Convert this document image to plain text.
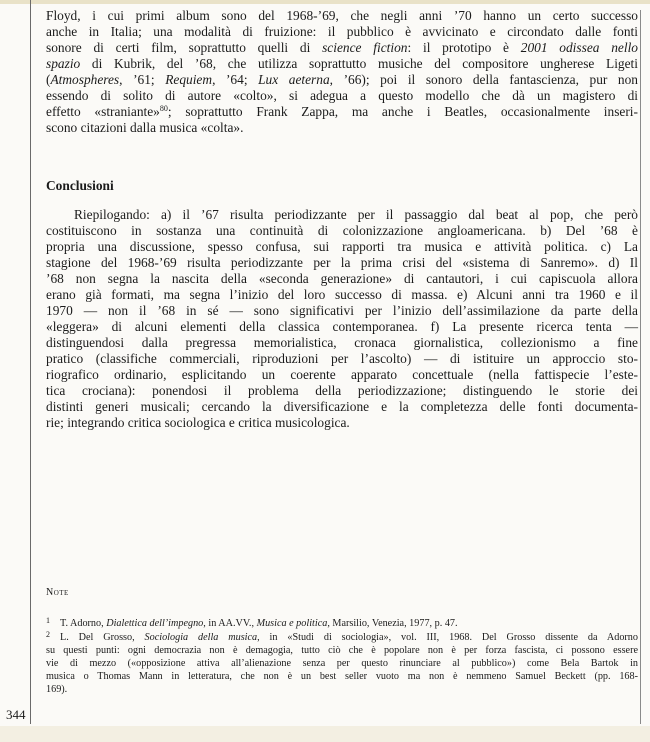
Floyd, i cui primi album sono del 1968-’69, che negli anni ’70 hanno un certo successo
anche in Italia; una modalità di fruizione: il pubblico è avvicinato e circondato dalle fonti
sonore di certi film, soprattutto quelli di science fiction: il prototipo è 2001 odissea nello
spazio di Kubrik, del ’68, che utilizza soprattutto musiche del compositore ungherese Ligeti
(Atmospheres, ’61; Requiem, ’64; Lux aeterna, ’66); poi il sonoro della fantascienza, pur non
essendo di solito di autore «colto», si adegua a questo modello che dà un magistero di
effetto «straniante»$^{80}$; soprattutto Frank Zappa, ma anche i Beatles, occasionalmente inseri-
scono citazioni dalla musica «colta».
Conclusioni
Riepilogando: a) il ’67 risulta periodizzante per il passaggio dal beat al pop, che però
costituiscono in sostanza una continuità di colonizzazione angloamericana. b) Del ’68 è
propria una discussione, spesso confusa, sui rapporti tra musica e attività politica. c) La
stagione del 1968-’69 risulta periodizzante per la prima crisi del «sistema di Sanremo». d) Il
’68 non segna la nascita della «seconda generazione» di cantautori, i cui capiscuola allora
erano già formati, ma segna l’inizio del loro successo di massa. e) Alcuni anni tra 1960 e il
1970 — non il ’68 in sé — sono significativi per l’inizio dell’assimilazione da parte della
«leggera» di alcuni elementi della classica contemporanea. f) La presente ricerca tenta —
distinguendosi dalla pregressa memorialistica, cronaca giornalistica, collezionismo a fine
pratico (classifiche commerciali, riproduzioni per l’ascolto) — di istituire un approccio sto-
riografico ordinario, esplicitando un coerente apparato concettuale (nella fattispecie l’este-
tica crociana): ponendosi il problema della periodizzazione; distinguendo le storie dei
distinti generi musicali; cercando la diversificazione e la completezza delle fonti documenta-
rie; integrando critica sociologica e critica musicologica.
Note
1 T. Adorno, Dialettica dell’impegno, in AA.VV., Musica e politica, Marsilio, Venezia, 1977, p. 47.
2 L. Del Grosso, Sociologia della musica, in «Studi di sociologia», vol. III, 1968. Del Grosso dissente da Adorno
su questi punti: ogni democrazia non è demagogia, tutto ciò che è popolare non è per forza fascista, ci possono essere
vie di mezzo («opposizione attiva all’alienazione senza per questo rinunciare al pubblico») come Bela Bartok in
musica o Thomas Mann in letteratura, che non è un best seller vuoto ma non è nemmeno Samuel Beckett (pp. 168-
169).
344
